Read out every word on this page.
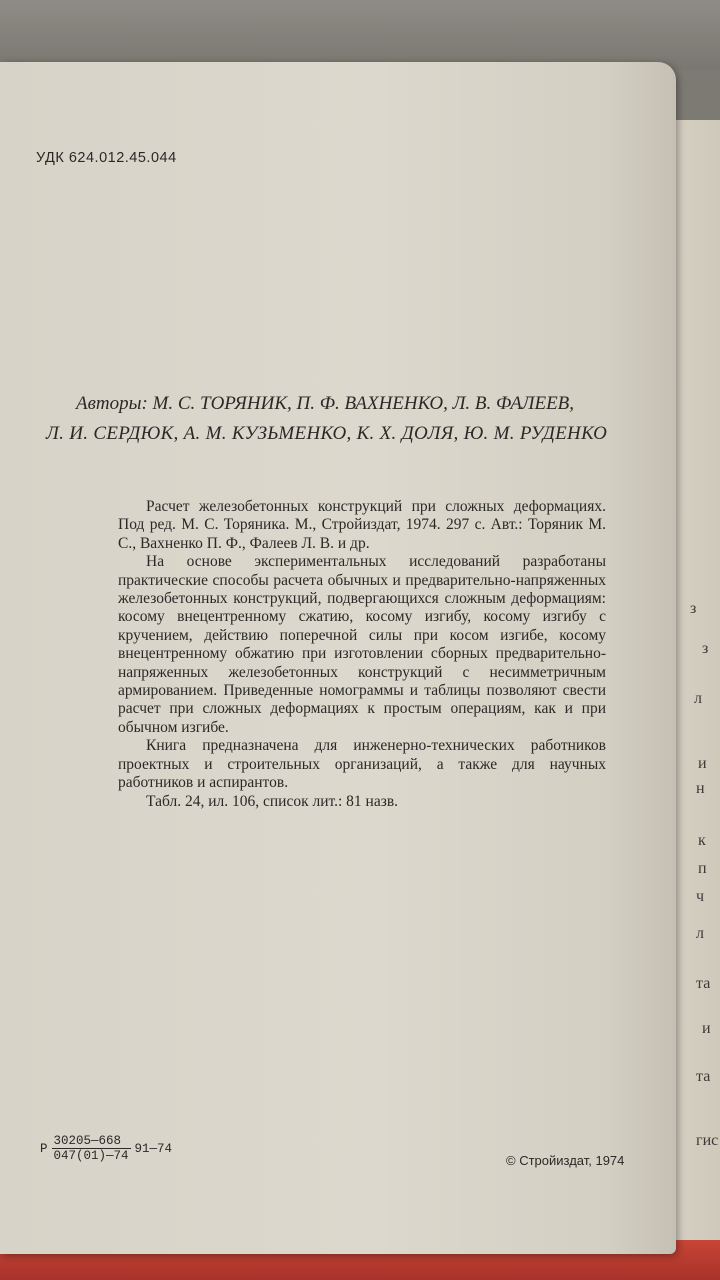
з
л
з
и
н
к
п
ч
л
та
и
та
гис
УДК 624.012.45.044
Авторы: М. С. ТОРЯНИК, П. Ф. ВАХНЕНКО, Л. В. ФАЛЕЕВ,
Л. И. СЕРДЮК, А. М. КУЗЬМЕНКО, К. Х. ДОЛЯ, Ю. М. РУДЕНКО

Расчет железобетонных конструкций при сложных деформациях. Под ред. М. С. Торяника. М., Стройиздат, 1974. 297 с. Авт.: Торяник М. С., Вахненко П. Ф., Фалеев Л. В. и др.

На основе экспериментальных исследований разработаны практические способы расчета обычных и предварительно-напряженных железобетонных конструкций, подвергающихся сложным деформациям: косому внецентренному сжатию, косому изгибу, косому изгибу с кручением, действию поперечной силы при косом изгибе, косому внецентренному обжатию при изготовлении сборных предварительно-напряженных железобетонных конструкций с несимметричным армированием. Приведенные номограммы и таблицы позволяют свести расчет при сложных деформациях к простым операциям, как и при обычном изгибе.

Книга предназначена для инженерно-технических работников проектных и строительных организаций, а также для научных работников и аспирантов.

Табл. 24, ил. 106, список лит.: 81 назв.

Р $\frac{30205—668}{047(01)—74}$ 91—74
© Стройиздат, 1974
